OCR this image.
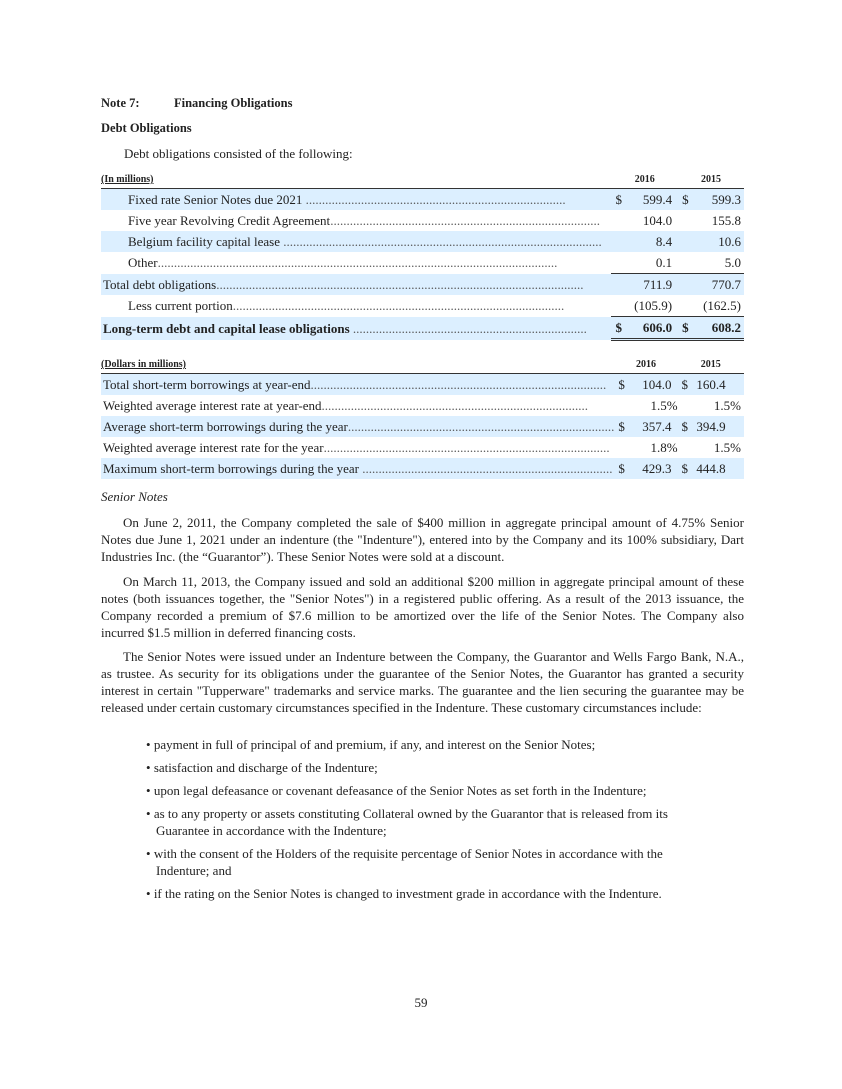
Note 7:	Financing Obligations
Debt Obligations
Debt obligations consisted of the following:
(In millions)	2016		2015	
Fixed rate Senior Notes due 2021 ................................................................................	$	599.4	$	599.3
Five year Revolving Credit Agreement...................................................................................		104.0		155.8
Belgium facility capital lease ..................................................................................................		8.4		10.6
Other...........................................................................................................................		0.1		5.0
Total debt obligations.................................................................................................................		711.9		770.7
Less current portion......................................................................................................		(105.9)		(162.5)
Long-term debt and capital lease obligations ........................................................................	$	606.0	$	608.2
(Dollars in millions)	2016		2015	
Total short-term borrowings at year-end...........................................................................................	$	104.0	$	160.4
Weighted average interest rate at year-end..................................................................................		1.5%		1.5%
Average short-term borrowings during the year..................................................................................	$	357.4	$	394.9
Weighted average interest rate for the year........................................................................................		1.8%		1.5%
Maximum short-term borrowings during the year .............................................................................	$	429.3	$	444.8
Senior Notes
On June 2, 2011, the Company completed the sale of $400 million in aggregate principal amount of 4.75% Senior Notes due June 1, 2021 under an indenture (the "Indenture"), entered into by the Company and its 100% subsidiary, Dart Industries Inc. (the “Guarantor”). These Senior Notes were sold at a discount.
On March 11, 2013, the Company issued and sold an additional $200 million in aggregate principal amount of these notes (both issuances together, the "Senior Notes") in a registered public offering. As a result of the 2013 issuance, the Company recorded a premium of $7.6 million to be amortized over the life of the Senior Notes. The Company also incurred $1.5 million in deferred financing costs.
The Senior Notes were issued under an Indenture between the Company, the Guarantor and Wells Fargo Bank, N.A., as trustee. As security for its obligations under the guarantee of the Senior Notes, the Guarantor has granted a security interest in certain "Tupperware" trademarks and service marks. The guarantee and the lien securing the guarantee may be released under certain customary circumstances specified in the Indenture. These customary circumstances include:
• payment in full of principal of and premium, if any, and interest on the Senior Notes;
• satisfaction and discharge of the Indenture;
• upon legal defeasance or covenant defeasance of the Senior Notes as set forth in the Indenture;
• as to any property or assets constituting Collateral owned by the Guarantor that is released from its Guarantee in accordance with the Indenture;
• with the consent of the Holders of the requisite percentage of Senior Notes in accordance with the Indenture; and
• if the rating on the Senior Notes is changed to investment grade in accordance with the Indenture.
59
